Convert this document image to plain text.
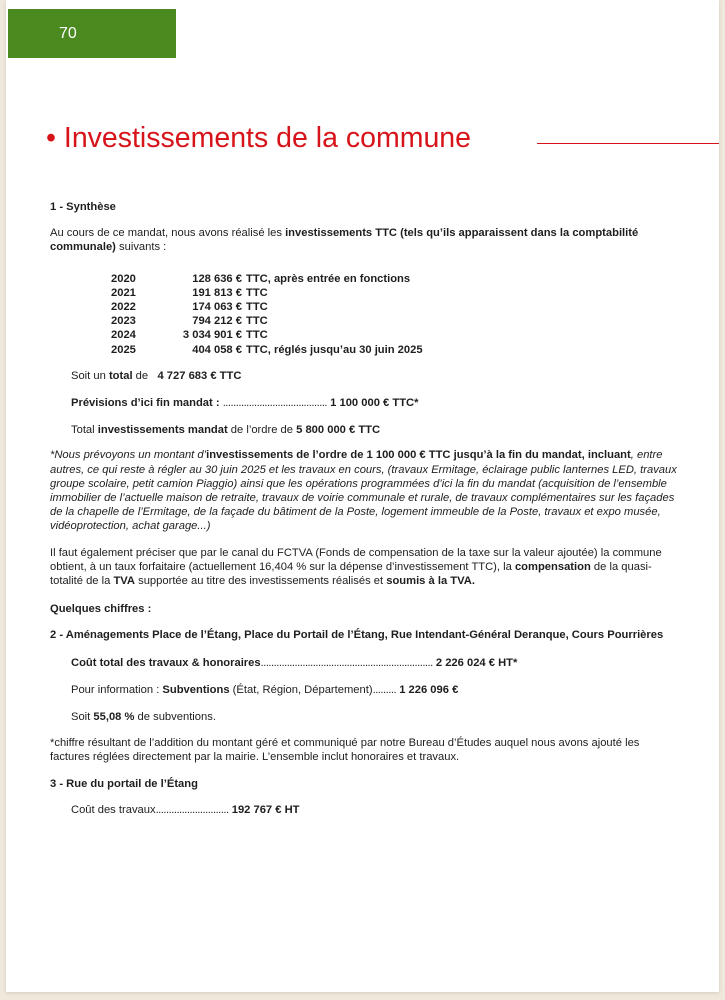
70
• Investissements de la commune

1 - Synthèse

Au cours de ce mandat, nous avons réalisé les investissements TTC (tels qu’ils apparaissent dans la comptabilité communale) suivants :

2020	128 636 € TTC, après entrée en fonctions
2021	191 813 € TTC
2022	174 063 € TTC
2023	794 212 € TTC
2024	3 034 901 € TTC
2025	404 058 € TTC, réglés jusqu’au 30 juin 2025

Soit un total de   4 727 683 € TTC

Prévisions d’ici fin mandat : ........................................ 1 100 000 € TTC*

Total investissements mandat de l’ordre de 5 800 000 € TTC

*Nous prévoyons un montant d’investissements de l’ordre de 1 100 000 € TTC jusqu’à la fin du mandat, incluant, entre autres, ce qui reste à régler au 30 juin 2025 et les travaux en cours, (travaux Ermitage, éclairage public lanternes LED, travaux groupe scolaire, petit camion Piaggio) ainsi que les opérations programmées d’ici la fin du mandat (acquisition de l’ensemble immobilier de l’actuelle maison de retraite, travaux de voirie communale et rurale, de travaux complémentaires sur les façades de la chapelle de l’Ermitage, de la façade du bâtiment de la Poste, logement immeuble de la Poste, travaux et expo musée, vidéoprotection, achat garage...)

Il faut également préciser que par le canal du FCTVA (Fonds de compensation de la taxe sur la valeur ajoutée) la commune obtient, à un taux forfaitaire (actuellement 16,404 % sur la dépense d’investissement TTC), la compensation de la quasi-totalité de la TVA supportée au titre des investissements réalisés et soumis à la TVA.

Quelques chiffres :

2 - Aménagements Place de l’Étang, Place du Portail de l’Étang, Rue Intendant-Général Deranque, Cours Pourrières

Coût total des travaux & honoraires.................................................................. 2 226 024 € HT*

Pour information : Subventions (État, Région, Département)......... 1 226 096 €

Soit 55,08 % de subventions.

*chiffre résultant de l’addition du montant géré et communiqué par notre Bureau d’Études auquel nous avons ajouté les factures réglées directement par la mairie. L’ensemble inclut honoraires et travaux.

3 - Rue du portail de l’Étang

Coût des travaux............................ 192 767 € HT
